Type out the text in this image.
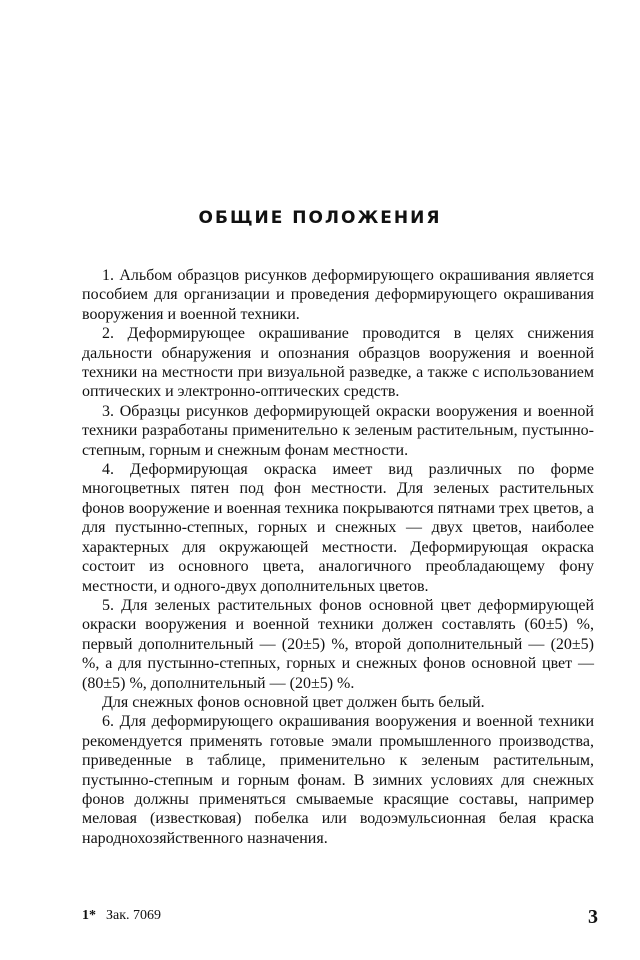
ОБЩИЕ ПОЛОЖЕНИЯ

1. Альбом образцов рисунков деформирующего окрашивания является пособием для организации и проведения деформирующего окрашивания вооружения и военной техники.

2. Деформирующее окрашивание проводится в целях снижения дальности обнаружения и опознания образцов вооружения и военной техники на местности при визуальной разведке, а также с использованием оптических и электронно-оптических средств.

3. Образцы рисунков деформирующей окраски вооружения и военной техники разработаны применительно к зеленым растительным, пустынно-степным, горным и снежным фонам местности.

4. Деформирующая окраска имеет вид различных по форме многоцветных пятен под фон местности. Для зеленых растительных фонов вооружение и военная техника покрываются пятнами трех цветов, а для пустынно-степных, горных и снежных — двух цветов, наиболее характерных для окружающей местности. Деформирующая окраска состоит из основного цвета, аналогичного преобладающему фону местности, и одного-двух дополнительных цветов.

5. Для зеленых растительных фонов основной цвет деформирующей окраски вооружения и военной техники должен составлять (60±5) %, первый дополнительный — (20±5) %, второй дополнительный — (20±5) %, а для пустынно-степных, горных и снежных фонов основной цвет — (80±5) %, дополнительный — (20±5) %.

Для снежных фонов основной цвет должен быть белый.

6. Для деформирующего окрашивания вооружения и военной техники рекомендуется применять готовые эмали промышленного производства, приведенные в таблице, применительно к зеленым растительным, пустынно-степным и горным фонам. В зимних условиях для снежных фонов должны применяться смываемые красящие составы, например меловая (известковая) побелка или водоэмульсионная белая краска народнохозяйственного назначения.

1* Зак. 7069	3
